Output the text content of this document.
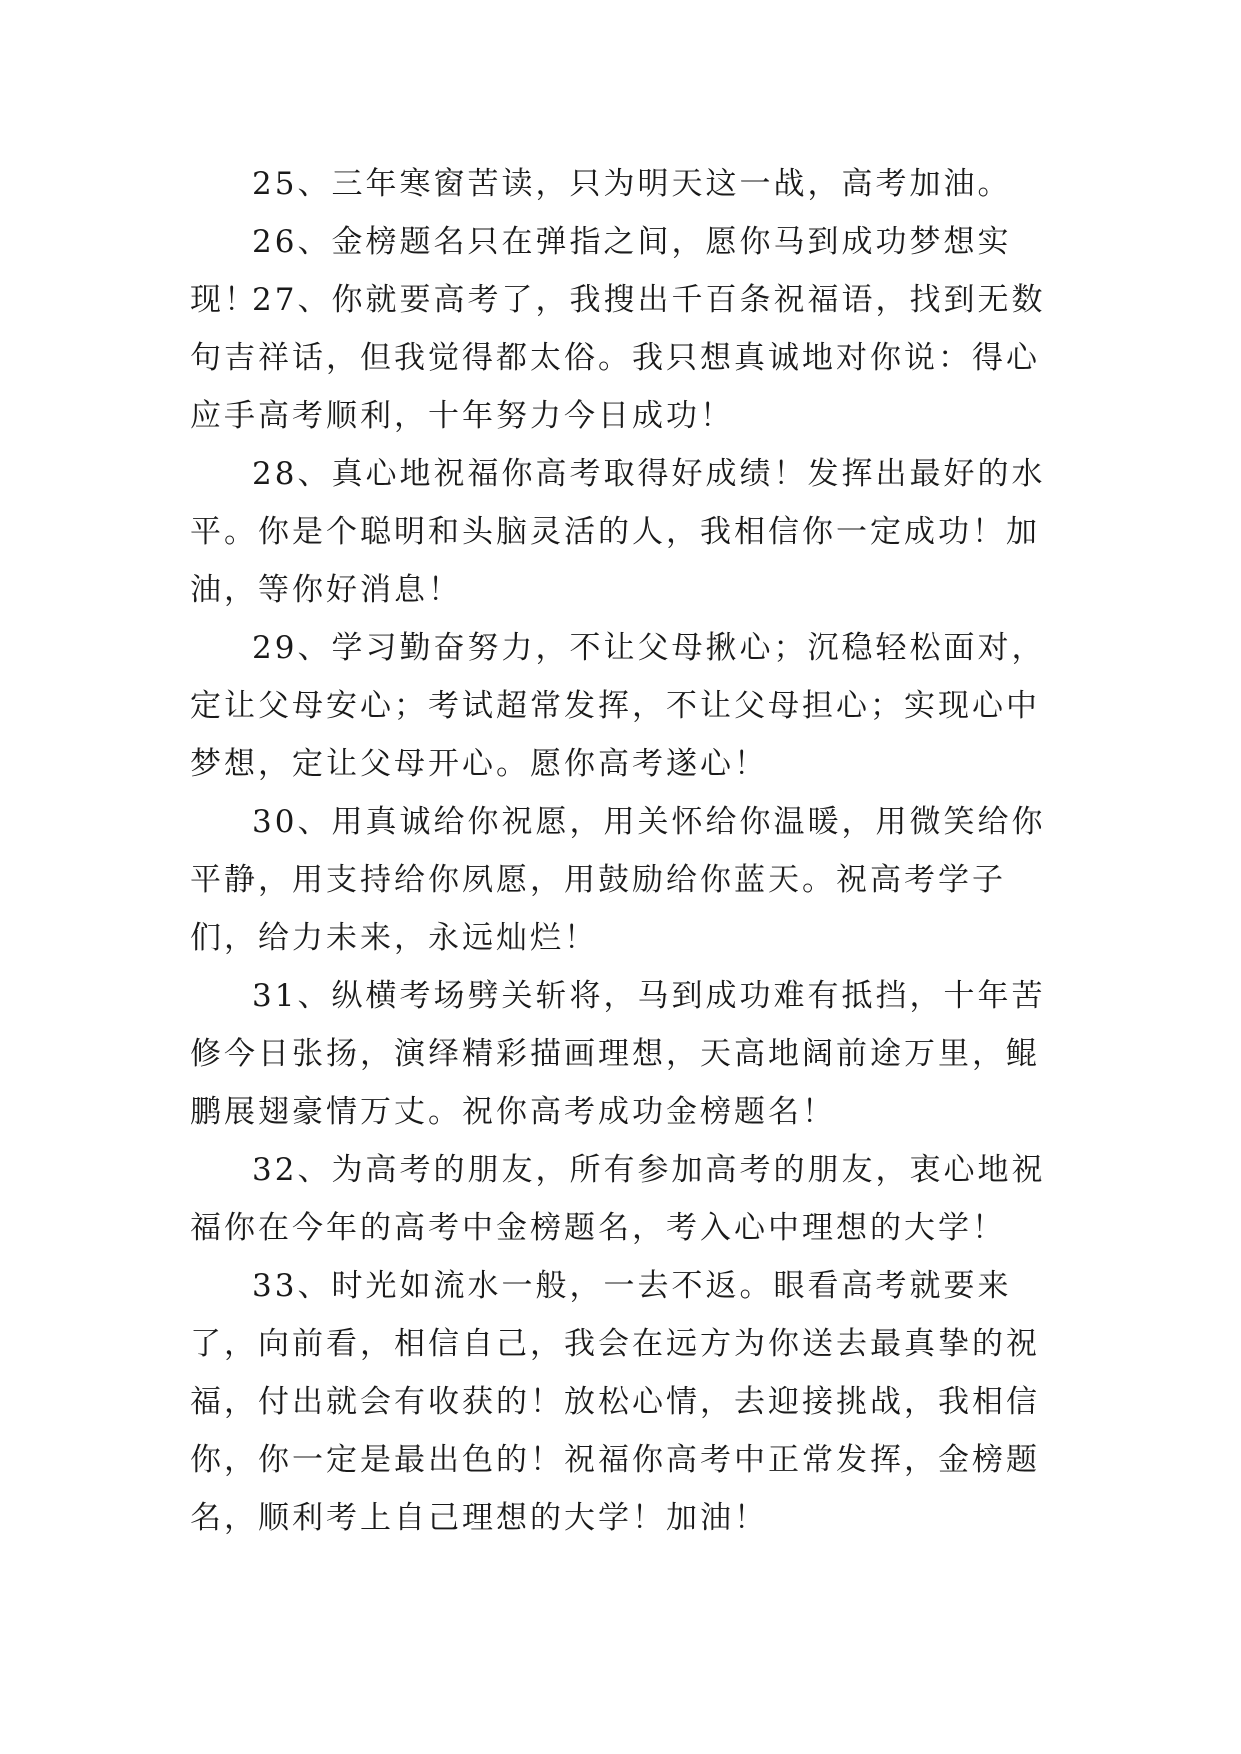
25、三年寒窗苦读，只为明天这一战，高考加油。

26、金榜题名只在弹指之间，愿你马到成功梦想实现！

27、你就要高考了，我搜出千百条祝福语，找到无数句吉祥话，但我觉得都太俗。我只想真诚地对你说：得心应手高考顺利，十年努力今日成功！

28、真心地祝福你高考取得好成绩！发挥出最好的水平。你是个聪明和头脑灵活的人，我相信你一定成功！加油，等你好消息！

29、学习勤奋努力，不让父母揪心；沉稳轻松面对，定让父母安心；考试超常发挥，不让父母担心；实现心中梦想，定让父母开心。愿你高考遂心！

30、用真诚给你祝愿，用关怀给你温暖，用微笑给你平静，用支持给你夙愿，用鼓励给你蓝天。祝高考学子们，给力未来，永远灿烂！

31、纵横考场劈关斩将，马到成功难有抵挡，十年苦修今日张扬，演绎精彩描画理想，天高地阔前途万里，鲲鹏展翅豪情万丈。祝你高考成功金榜题名！

32、为高考的朋友，所有参加高考的朋友，衷心地祝福你在今年的高考中金榜题名，考入心中理想的大学！

33、时光如流水一般，一去不返。眼看高考就要来了，向前看，相信自己，我会在远方为你送去最真挚的祝福，付出就会有收获的！放松心情，去迎接挑战，我相信你，你一定是最出色的！祝福你高考中正常发挥，金榜题名，顺利考上自己理想的大学！加油！
